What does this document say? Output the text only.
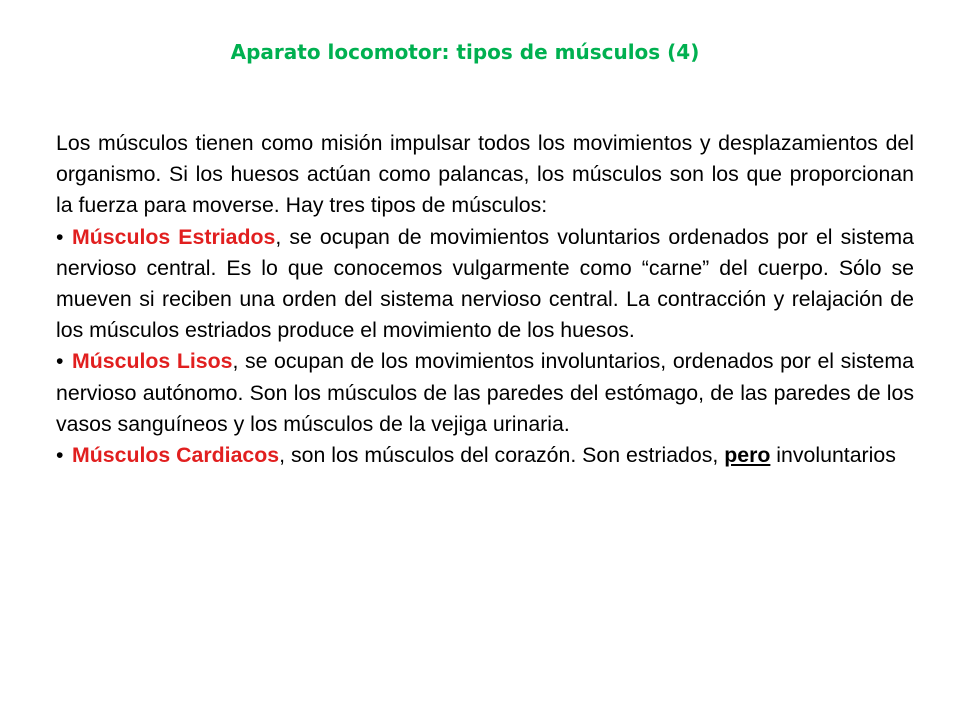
Aparato locomotor: tipos de músculos (4)

Los músculos tienen como misión impulsar todos los movimientos y desplazamientos del organismo. Si los huesos actúan como palancas, los músculos son los que proporcionan la fuerza para moverse. Hay tres tipos de músculos:

• Músculos Estriados, se ocupan de movimientos voluntarios ordenados por el sistema nervioso central. Es lo que conocemos vulgarmente como “carne” del cuerpo. Sólo se mueven si reciben una orden del sistema nervioso central. La contracción y relajación de los músculos estriados produce el movimiento de los huesos.

• Músculos Lisos, se ocupan de los movimientos involuntarios, ordenados por el sistema nervioso autónomo. Son los músculos de las paredes del estómago, de las paredes de los vasos sanguíneos y los músculos de la vejiga urinaria.

• Músculos Cardiacos, son los músculos del corazón. Son estriados, pero involuntarios
